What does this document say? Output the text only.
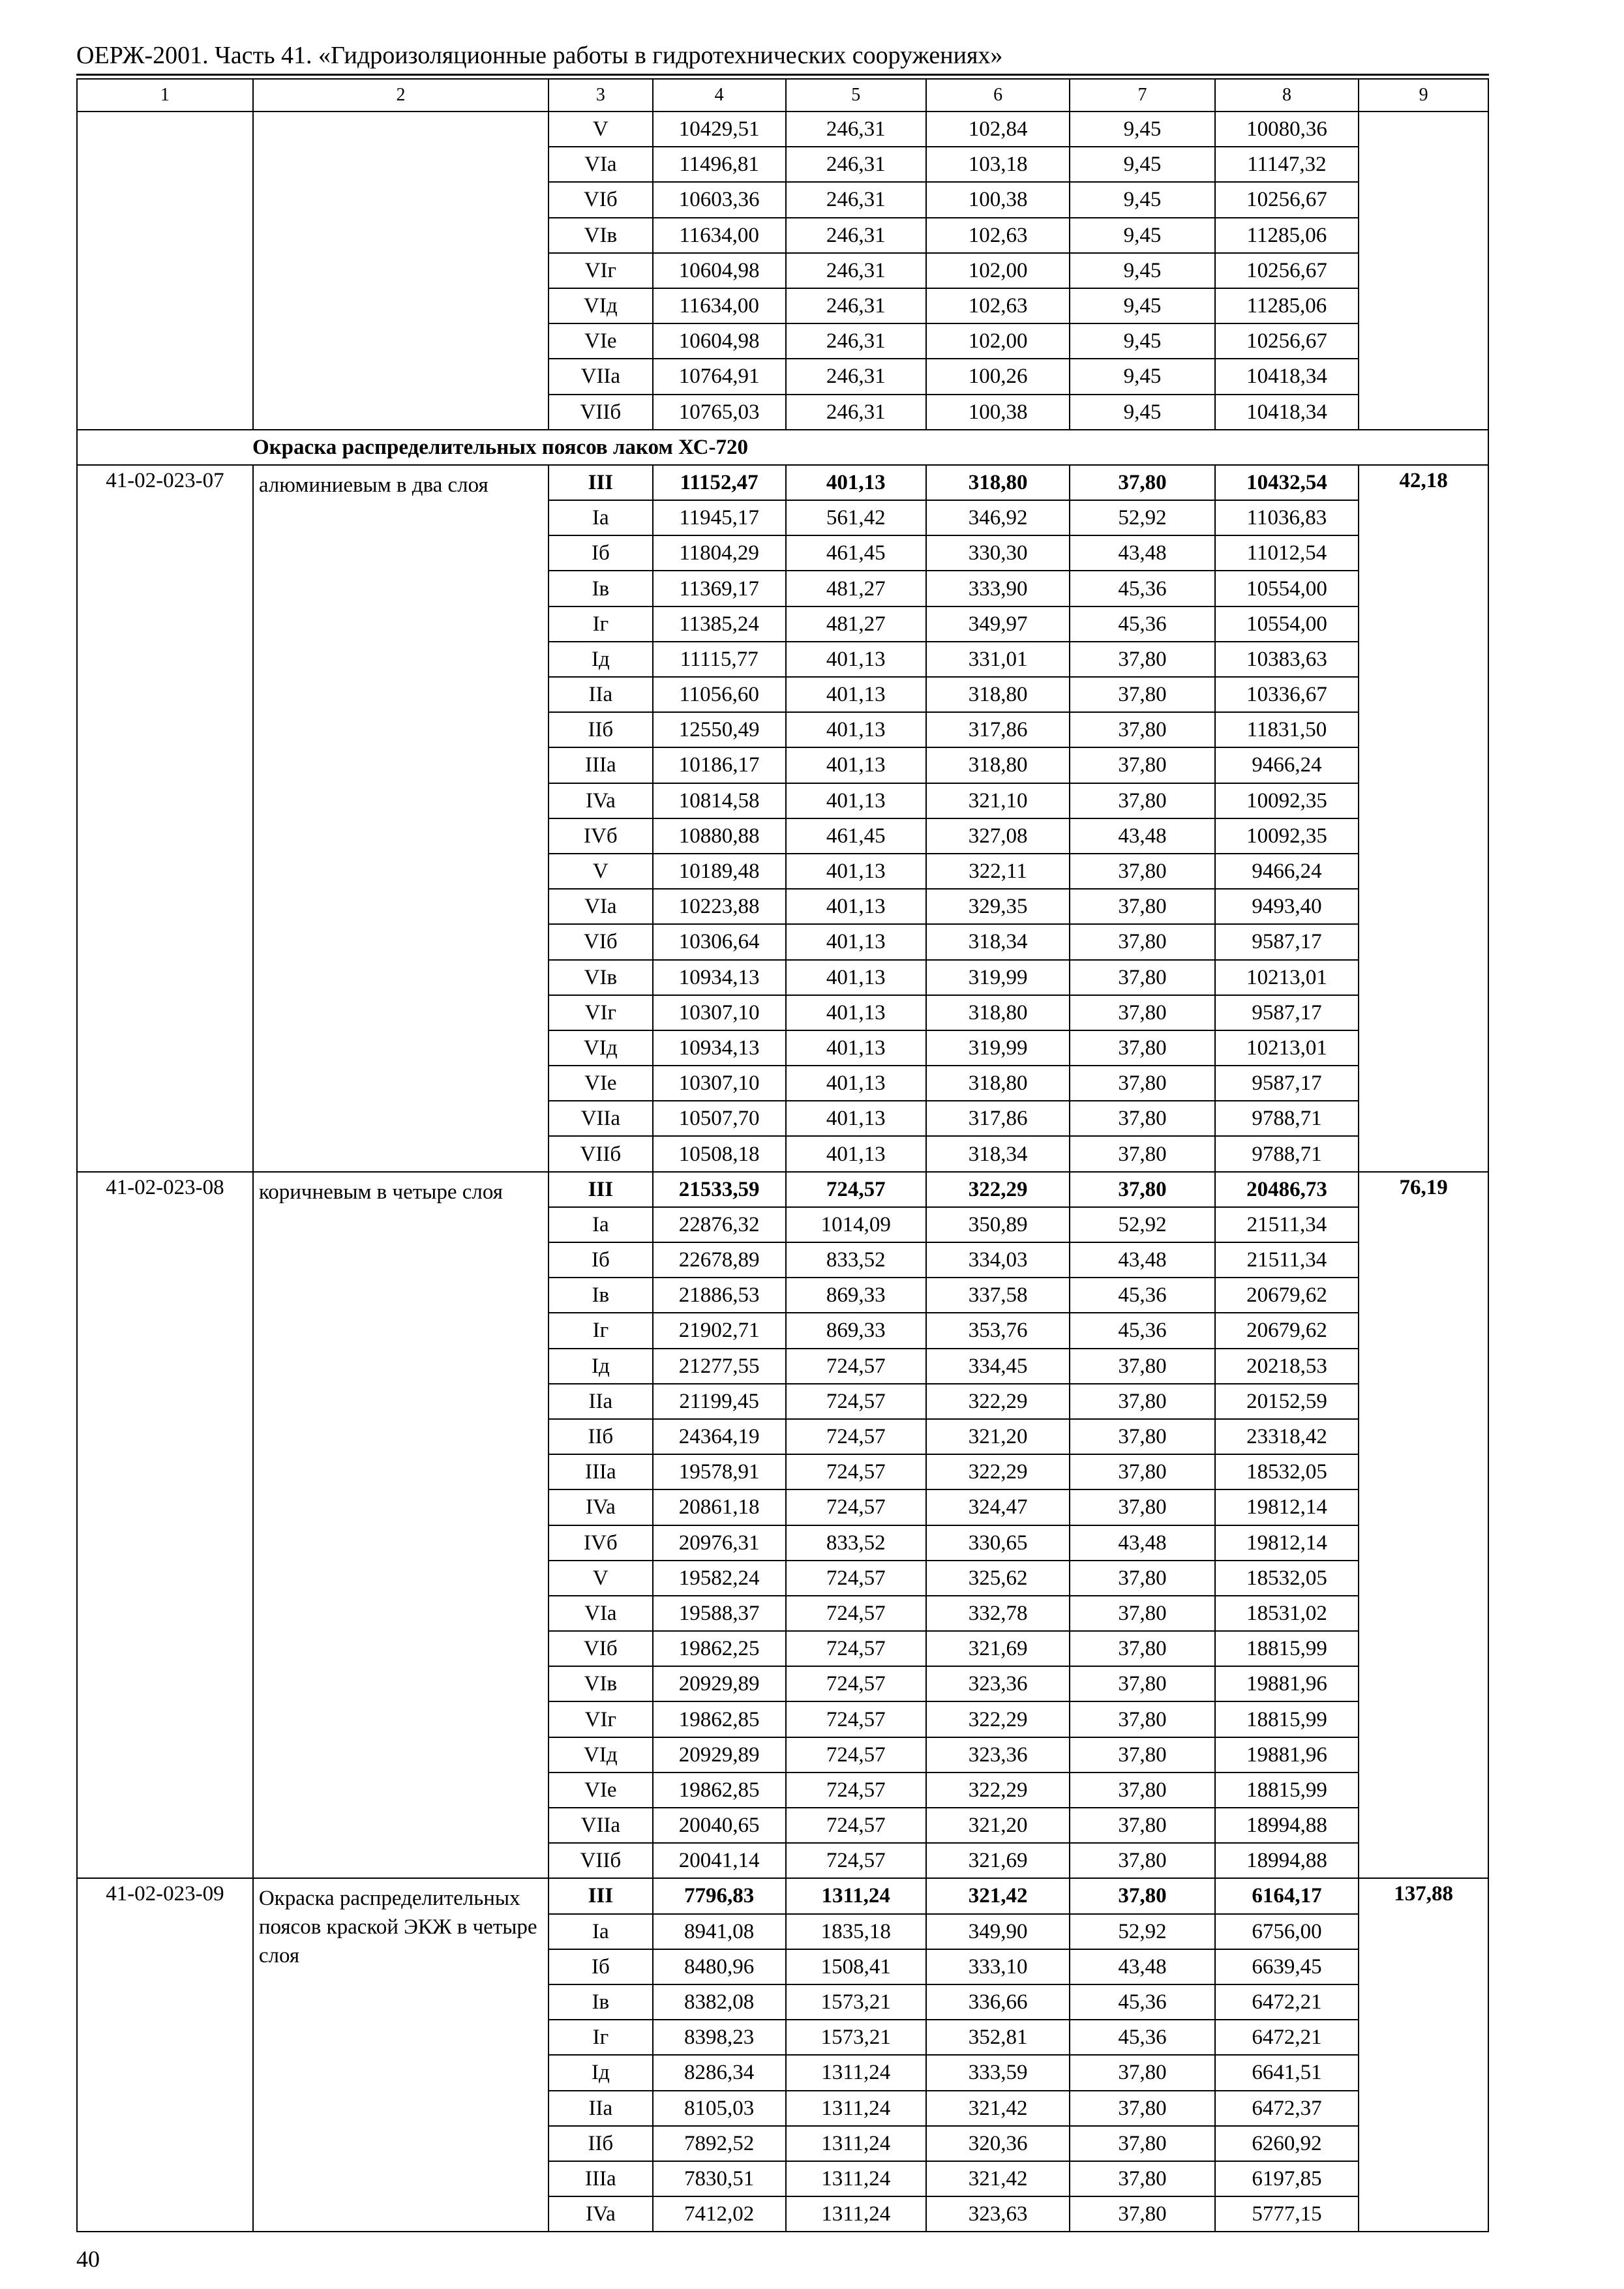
ОЕРЖ-2001. Часть 41. «Гидроизоляционные работы в гидротехнических сооружениях»
1	2	3	4	5	6	7	8	9
		V	10429,51	246,31	102,84	9,45	10080,36	
		VIa	11496,81	246,31	103,18	9,45	11147,32	
		VIб	10603,36	246,31	100,38	9,45	10256,67	
		VIв	11634,00	246,31	102,63	9,45	11285,06	
		VIг	10604,98	246,31	102,00	9,45	10256,67	
		VIд	11634,00	246,31	102,63	9,45	11285,06	
		VIe	10604,98	246,31	102,00	9,45	10256,67	
		VIIa	10764,91	246,31	100,26	9,45	10418,34	
		VIIб	10765,03	246,31	100,38	9,45	10418,34	
Окраска распределительных поясов лаком ХС-720								
41-02-023-07	алюминиевым в два слоя	III	11152,47	401,13	318,80	37,80	10432,54	42,18
		Ia	11945,17	561,42	346,92	52,92	11036,83	
		Iб	11804,29	461,45	330,30	43,48	11012,54	
		Iв	11369,17	481,27	333,90	45,36	10554,00	
		Iг	11385,24	481,27	349,97	45,36	10554,00	
		Iд	11115,77	401,13	331,01	37,80	10383,63	
		IIa	11056,60	401,13	318,80	37,80	10336,67	
		IIб	12550,49	401,13	317,86	37,80	11831,50	
		IIIa	10186,17	401,13	318,80	37,80	9466,24	
		IVa	10814,58	401,13	321,10	37,80	10092,35	
		IVб	10880,88	461,45	327,08	43,48	10092,35	
		V	10189,48	401,13	322,11	37,80	9466,24	
		VIa	10223,88	401,13	329,35	37,80	9493,40	
		VIб	10306,64	401,13	318,34	37,80	9587,17	
		VIв	10934,13	401,13	319,99	37,80	10213,01	
		VIг	10307,10	401,13	318,80	37,80	9587,17	
		VIд	10934,13	401,13	319,99	37,80	10213,01	
		VIe	10307,10	401,13	318,80	37,80	9587,17	
		VIIa	10507,70	401,13	317,86	37,80	9788,71	
		VIIб	10508,18	401,13	318,34	37,80	9788,71	
41-02-023-08	коричневым в четыре слоя	III	21533,59	724,57	322,29	37,80	20486,73	76,19
		Ia	22876,32	1014,09	350,89	52,92	21511,34	
		Iб	22678,89	833,52	334,03	43,48	21511,34	
		Iв	21886,53	869,33	337,58	45,36	20679,62	
		Iг	21902,71	869,33	353,76	45,36	20679,62	
		Iд	21277,55	724,57	334,45	37,80	20218,53	
		IIa	21199,45	724,57	322,29	37,80	20152,59	
		IIб	24364,19	724,57	321,20	37,80	23318,42	
		IIIa	19578,91	724,57	322,29	37,80	18532,05	
		IVa	20861,18	724,57	324,47	37,80	19812,14	
		IVб	20976,31	833,52	330,65	43,48	19812,14	
		V	19582,24	724,57	325,62	37,80	18532,05	
		VIa	19588,37	724,57	332,78	37,80	18531,02	
		VIб	19862,25	724,57	321,69	37,80	18815,99	
		VIв	20929,89	724,57	323,36	37,80	19881,96	
		VIг	19862,85	724,57	322,29	37,80	18815,99	
		VIд	20929,89	724,57	323,36	37,80	19881,96	
		VIe	19862,85	724,57	322,29	37,80	18815,99	
		VIIa	20040,65	724,57	321,20	37,80	18994,88	
		VIIб	20041,14	724,57	321,69	37,80	18994,88	
41-02-023-09	Окраска распределительных поясов краской ЭКЖ в четыре слоя	III	7796,83	1311,24	321,42	37,80	6164,17	137,88
		Ia	8941,08	1835,18	349,90	52,92	6756,00	
		Iб	8480,96	1508,41	333,10	43,48	6639,45	
		Iв	8382,08	1573,21	336,66	45,36	6472,21	
		Iг	8398,23	1573,21	352,81	45,36	6472,21	
		Iд	8286,34	1311,24	333,59	37,80	6641,51	
		IIa	8105,03	1311,24	321,42	37,80	6472,37	
		IIб	7892,52	1311,24	320,36	37,80	6260,92	
		IIIa	7830,51	1311,24	321,42	37,80	6197,85	
		IVa	7412,02	1311,24	323,63	37,80	5777,15	
40
